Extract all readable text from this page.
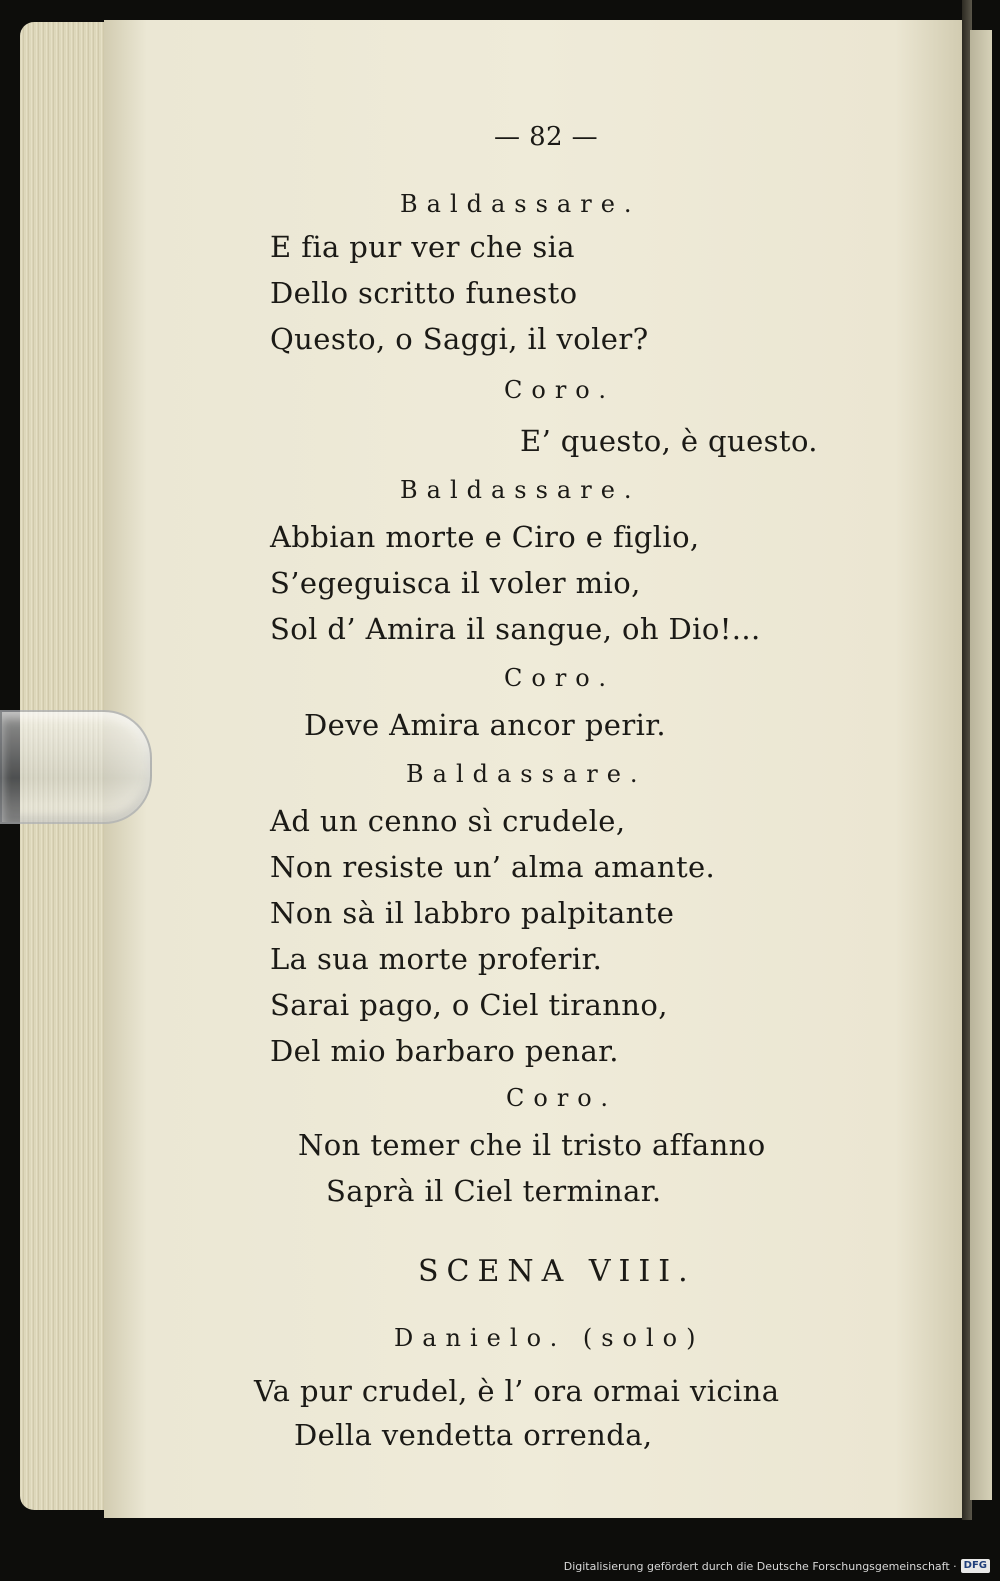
— 82 —
Baldassare.
E fia pur ver che sia
Dello scritto funesto
Questo, o Saggi, il voler?
Coro.
E’ questo, è questo.
Baldassare.
Abbian morte e Ciro e figlio,
S’egeguisca il voler mio,
Sol d’ Amira il sangue, oh Dio!...
Coro.
Deve Amira ancor perir.
Baldassare.
Ad un cenno sì crudele,
Non resiste un’ alma amante.
Non sà il labbro palpitante
La sua morte proferir.
Sarai pago, o Ciel tiranno,
Del mio barbaro penar.
Coro.
Non temer che il tristo affanno
Saprà il Ciel terminar.
SCENA VIII.
Danielo. (solo)
Va pur crudel, è l’ ora ormai vicina
Della vendetta orrenda,
Digitalisierung gefördert durch die Deutsche Forschungsgemeinschaft · DFG
